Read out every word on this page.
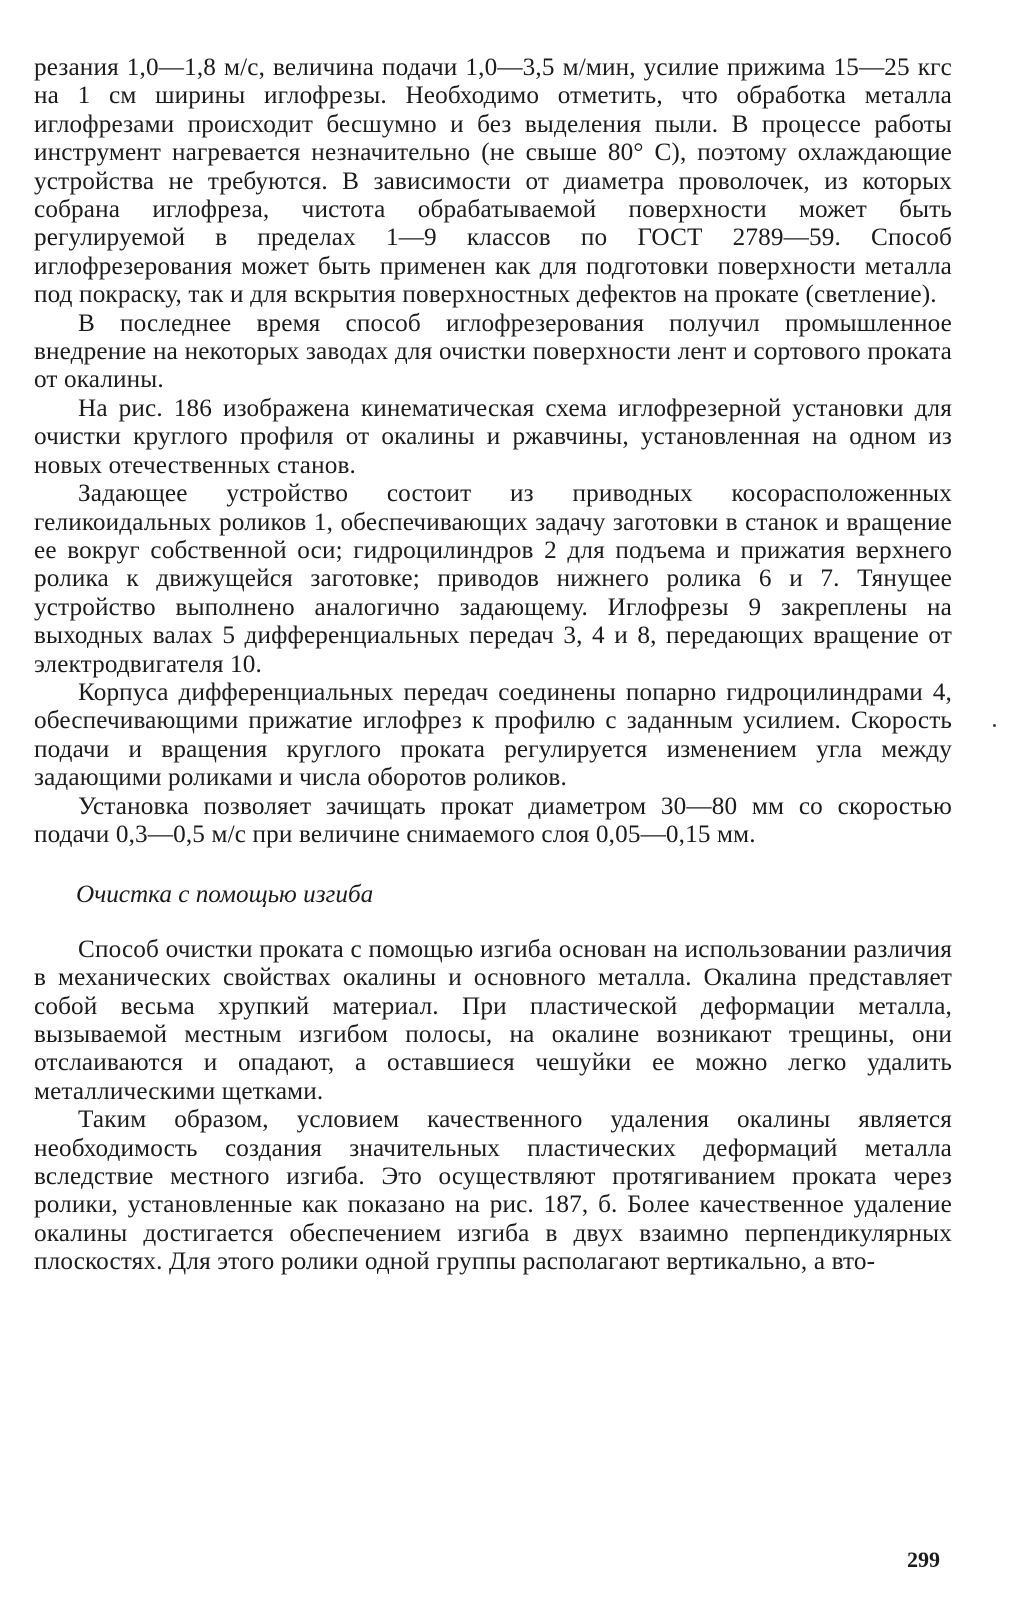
резания 1,0—1,8 м/с, величина подачи 1,0—3,5 м/мин, усилие прижима 15—25 кгс на 1 см ширины иглофрезы. Необходимо отметить, что обработка металла иглофрезами происходит бесшумно и без выделения пыли. В процессе работы инструмент нагревается незначительно (не свыше 80° С), поэтому охлаждающие устройства не требуются. В зависимости от диаметра проволочек, из которых собрана иглофреза, чистота обрабатываемой поверхности может быть регулируемой в пределах 1—9 классов по ГОСТ 2789—59. Способ иглофрезерования может быть применен как для подготовки поверхности металла под покраску, так и для вскрытия поверхностных дефектов на прокате (светление).

В последнее время способ иглофрезерования получил промышленное внедрение на некоторых заводах для очистки поверхности лент и сортового проката от окалины.

На рис. 186 изображена кинематическая схема иглофрезерной установки для очистки круглого профиля от окалины и ржавчины, установленная на одном из новых отечественных станов.

Задающее устройство состоит из приводных косорасположенных геликоидальных роликов 1, обеспечивающих задачу заготовки в станок и вращение ее вокруг собственной оси; гидроцилиндров 2 для подъема и прижатия верхнего ролика к движущейся заготовке; приводов нижнего ролика 6 и 7. Тянущее устройство выполнено аналогично задающему. Иглофрезы 9 закреплены на выходных валах 5 дифференциальных передач 3, 4 и 8, передающих вращение от электродвигателя 10.

Корпуса дифференциальных передач соединены попарно гидроцилиндрами 4, обеспечивающими прижатие иглофрез к профилю с заданным усилием. Скорость подачи и вращения круглого проката регулируется изменением угла между задающими роликами и числа оборотов роликов.

Установка позволяет зачищать прокат диаметром 30—80 мм со скоростью подачи 0,3—0,5 м/с при величине снимаемого слоя 0,05—0,15 мм.

Очистка с помощью изгиба

Способ очистки проката с помощью изгиба основан на использовании различия в механических свойствах окалины и основного металла. Окалина представляет собой весьма хрупкий материал. При пластической деформации металла, вызываемой местным изгибом полосы, на окалине возникают трещины, они отслаиваются и опадают, а оставшиеся чешуйки ее можно легко удалить металлическими щетками.

Таким образом, условием качественного удаления окалины является необходимость создания значительных пластических деформаций металла вследствие местного изгиба. Это осуществляют протягиванием проката через ролики, установленные как показано на рис. 187, б. Более качественное удаление окалины достигается обеспечением изгиба в двух взаимно перпендикулярных плоскостях. Для этого ролики одной группы располагают вертикально, а вто-

299
